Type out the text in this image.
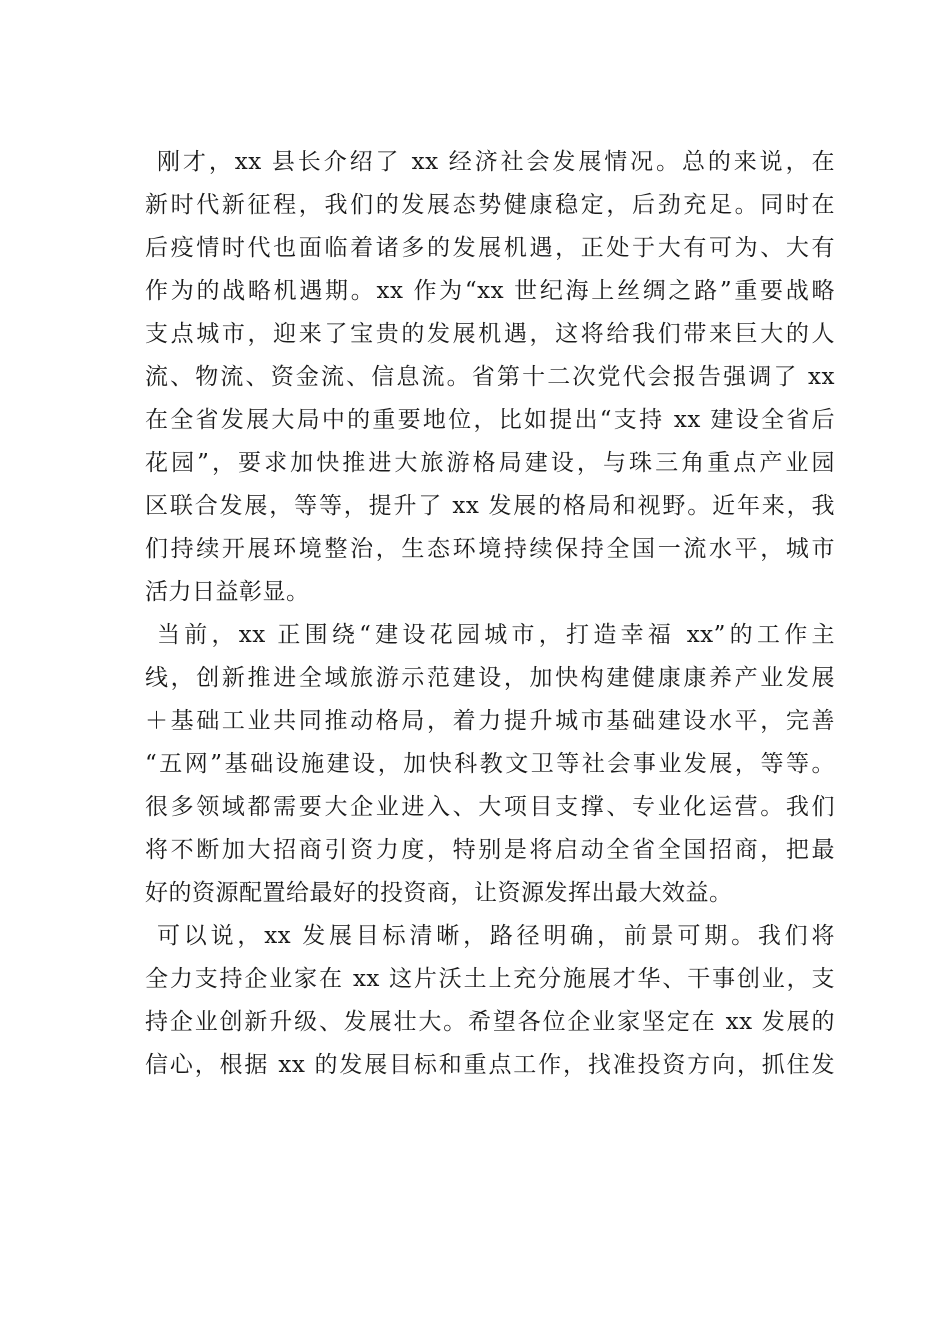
刚才，xx 县长介绍了 xx 经济社会发展情况。总的来说，在
新时代新征程，我们的发展态势健康稳定，后劲充足。同时在
后疫情时代也面临着诸多的发展机遇，正处于大有可为、大有
作为的战略机遇期。xx 作为“xx 世纪海上丝绸之路”重要战略
支点城市，迎来了宝贵的发展机遇，这将给我们带来巨大的人
流、物流、资金流、信息流。省第十二次党代会报告强调了 xx
在全省发展大局中的重要地位，比如提出“支持 xx 建设全省后
花园”，要求加快推进大旅游格局建设，与珠三角重点产业园
区联合发展，等等，提升了 xx 发展的格局和视野。近年来，我
们持续开展环境整治，生态环境持续保持全国一流水平，城市
活力日益彰显。
当前，xx 正围绕“建设花园城市，打造幸福 xx”的工作主
线，创新推进全域旅游示范建设，加快构建健康康养产业发展
＋基础工业共同推动格局，着力提升城市基础建设水平，完善
“五网”基础设施建设，加快科教文卫等社会事业发展，等等。
很多领域都需要大企业进入、大项目支撑、专业化运营。我们
将不断加大招商引资力度，特别是将启动全省全国招商，把最
好的资源配置给最好的投资商，让资源发挥出最大效益。
可以说，xx 发展目标清晰，路径明确，前景可期。我们将
全力支持企业家在 xx 这片沃土上充分施展才华、干事创业，支
持企业创新升级、发展壮大。希望各位企业家坚定在 xx 发展的
信心，根据 xx 的发展目标和重点工作，找准投资方向，抓住发
